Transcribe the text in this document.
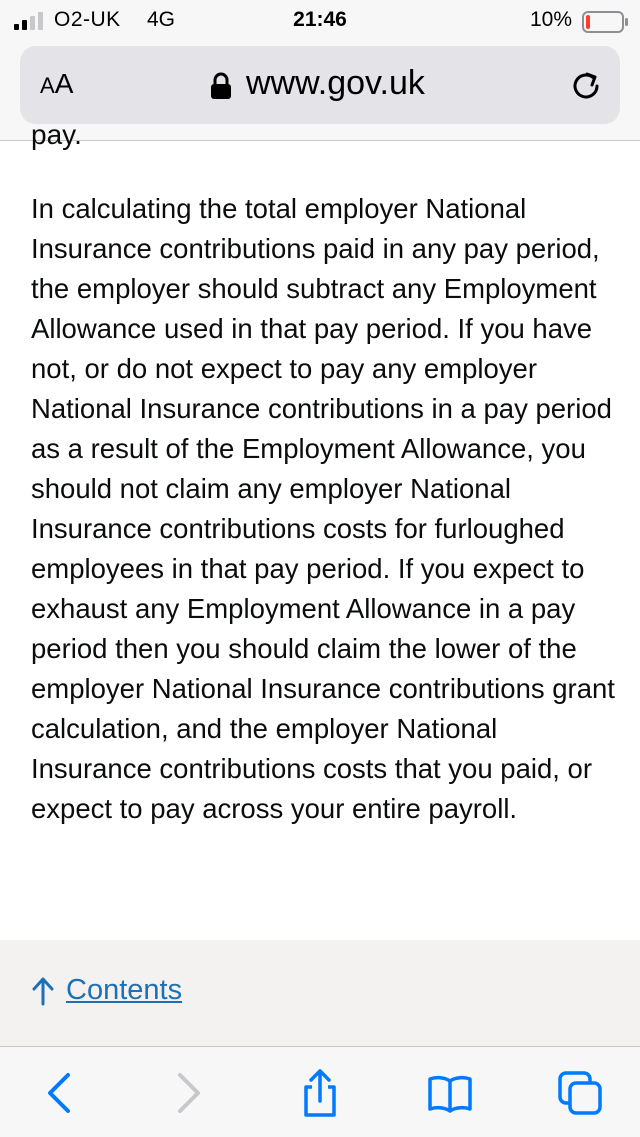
O2-UK 4G	21:46	10%
AA	www.gov.uk
pay.

In calculating the total employer National Insurance contributions paid in any pay period, the employer should subtract any Employment Allowance used in that pay period. If you have not, or do not expect to pay any employer National Insurance contributions in a pay period as a result of the Employment Allowance, you should not claim any employer National Insurance contributions costs for furloughed employees in that pay period. If you expect to exhaust any Employment Allowance in a pay period then you should claim the lower of the employer National Insurance contributions grant calculation, and the employer National Insurance contributions costs that you paid, or expect to pay across your entire payroll.

Contents
